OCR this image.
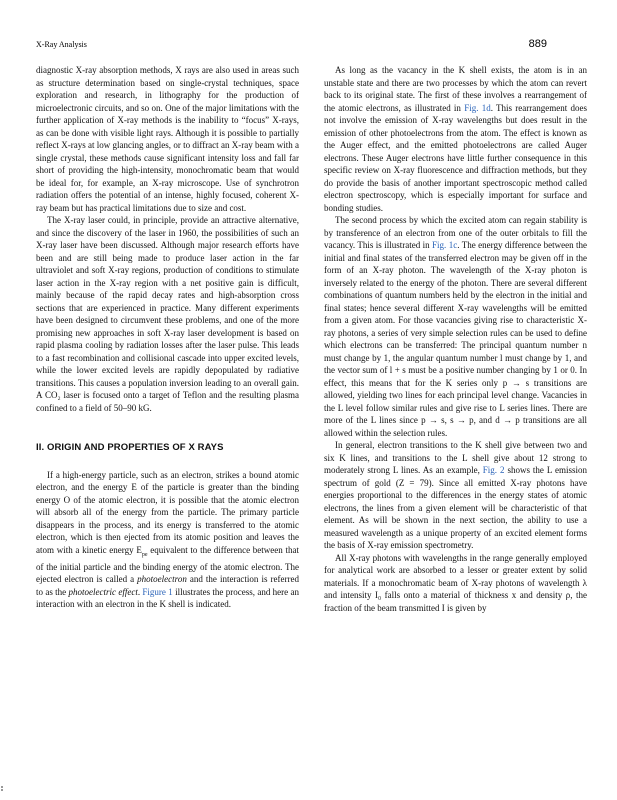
X-Ray Analysis	889

diagnostic X-ray absorption methods, X rays are also used in areas such as structure determination based on single-crystal techniques, space exploration and research, in lithography for the production of microelectronic circuits, and so on. One of the major limitations with the further application of X-ray methods is the inability to “focus” X-rays, as can be done with visible light rays. Although it is possible to partially reflect X-rays at low glancing angles, or to diffract an X-ray beam with a single crystal, these methods cause significant intensity loss and fall far short of providing the high-intensity, monochromatic beam that would be ideal for, for example, an X-ray microscope. Use of synchrotron radiation offers the potential of an intense, highly focused, coherent X-ray beam but has practical limitations due to size and cost.

The X-ray laser could, in principle, provide an attractive alternative, and since the discovery of the laser in 1960, the possibilities of such an X-ray laser have been discussed. Although major research efforts have been and are still being made to produce laser action in the far ultraviolet and soft X-ray regions, production of conditions to stimulate laser action in the X-ray region with a net positive gain is difficult, mainly because of the rapid decay rates and high-absorption cross sections that are experienced in practice. Many different experiments have been designed to circumvent these problems, and one of the more promising new approaches in soft X-ray laser development is based on rapid plasma cooling by radiation losses after the laser pulse. This leads to a fast recombination and collisional cascade into upper excited levels, while the lower excited levels are rapidly depopulated by radiative transitions. This causes a population inversion leading to an overall gain. A CO₂ laser is focused onto a target of Teflon and the resulting plasma confined to a field of 50–90 kG.

II. ORIGIN AND PROPERTIES OF X RAYS

If a high-energy particle, such as an electron, strikes a bound atomic electron, and the energy E of the particle is greater than the binding energy O of the atomic electron, it is possible that the atomic electron will absorb all of the energy from the particle. The primary particle disappears in the process, and its energy is transferred to the atomic electron, which is then ejected from its atomic position and leaves the atom with a kinetic energy $E_{pe}$ equivalent to the difference between that of the initial particle and the binding energy of the atomic electron. The ejected electron is called a photoelectron and the interaction is referred to as the photoelectric effect. Figure 1 illustrates the process, and here an interaction with an electron in the K shell is indicated.

As long as the vacancy in the K shell exists, the atom is in an unstable state and there are two processes by which the atom can revert back to its original state. The first of these involves a rearrangement of the atomic electrons, as illustrated in Fig. 1d. This rearrangement does not involve the emission of X-ray wavelengths but does result in the emission of other photoelectrons from the atom. The effect is known as the Auger effect, and the emitted photoelectrons are called Auger electrons. These Auger electrons have little further consequence in this specific review on X-ray fluorescence and diffraction methods, but they do provide the basis of another important spectroscopic method called electron spectroscopy, which is especially important for surface and bonding studies.

The second process by which the excited atom can regain stability is by transference of an electron from one of the outer orbitals to fill the vacancy. This is illustrated in Fig. 1c. The energy difference between the initial and final states of the transferred electron may be given off in the form of an X-ray photon. The wavelength of the X-ray photon is inversely related to the energy of the photon. There are several different combinations of quantum numbers held by the electron in the initial and final states; hence several different X-ray wavelengths will be emitted from a given atom. For those vacancies giving rise to characteristic X-ray photons, a series of very simple selection rules can be used to define which electrons can be transferred: The principal quantum number n must change by 1, the angular quantum number l must change by 1, and the vector sum of l + s must be a positive number changing by 1 or 0. In effect, this means that for the K series only p → s transitions are allowed, yielding two lines for each principal level change. Vacancies in the L level follow similar rules and give rise to L series lines. There are more of the L lines since p → s, s → p, and d → p transitions are all allowed within the selection rules.

In general, electron transitions to the K shell give between two and six K lines, and transitions to the L shell give about 12 strong to moderately strong L lines. As an example, Fig. 2 shows the L emission spectrum of gold (Z = 79). Since all emitted X-ray photons have energies proportional to the differences in the energy states of atomic electrons, the lines from a given element will be characteristic of that element. As will be shown in the next section, the ability to use a measured wavelength as a unique property of an excited element forms the basis of X-ray emission spectrometry.

All X-ray photons with wavelengths in the range generally employed for analytical work are absorbed to a lesser or greater extent by solid materials. If a monochromatic beam of X-ray photons of wavelength λ and intensity I₀ falls onto a material of thickness x and density ρ, the fraction of the beam transmitted I is given by
